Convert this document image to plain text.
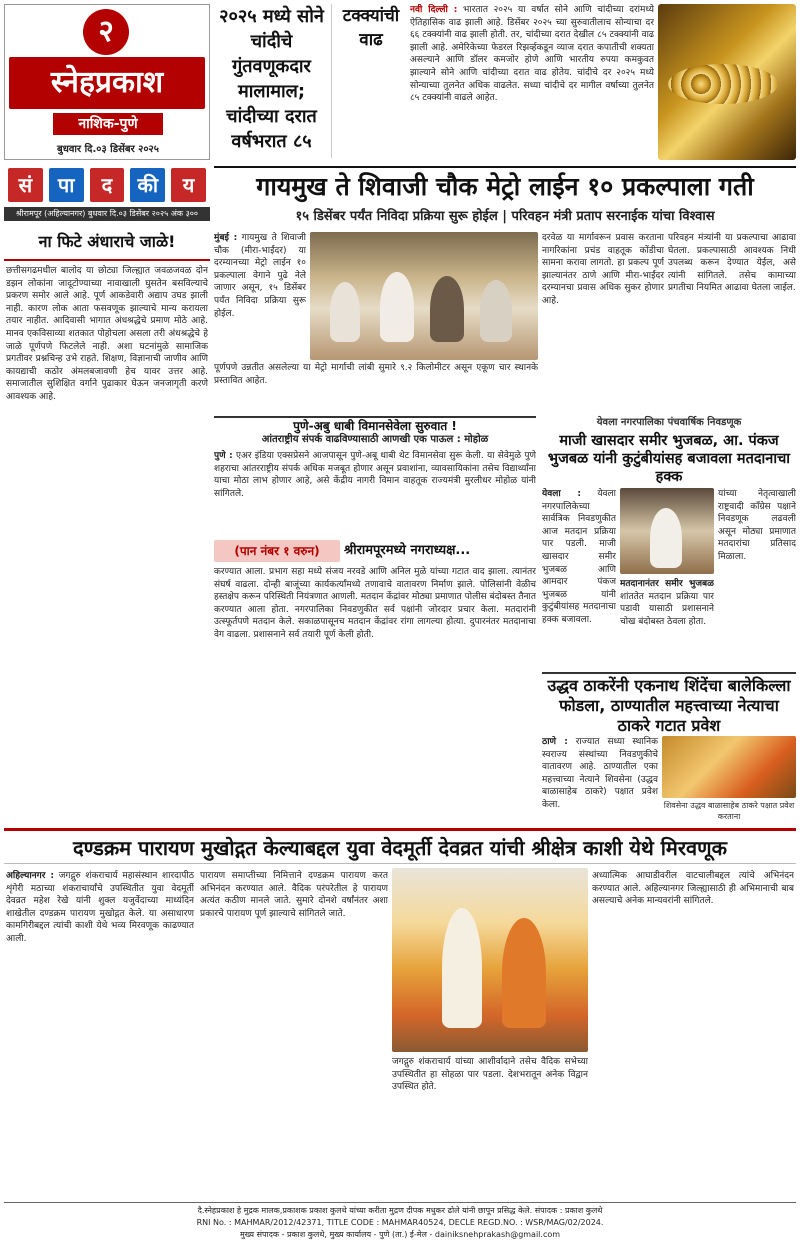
२
स्नेहप्रकाश
नाशिक-पुणे
बुधवार दि.०३ डिसेंबर २०२५
२०२५ मध्ये सोने चांदीचे गुंतवणूकदार मालामाल; चांदीच्या दरात वर्षभरात ८५
टक्क्यांची वाढ
नवी दिल्ली : भारतात २०२५ या वर्षात सोने आणि चांदीच्या दरांमध्ये ऐतिहासिक वाढ झाली आहे. डिसेंबर २०२५ च्या सुरुवातीलाच सोन्याचा दर ६६ टक्क्यांनी वाढ झाली होती. तर, चांदीच्या दरात देखील ८५ टक्क्यांनी वाढ झाली आहे. अमेरिकेच्या फेडरल रिझर्व्हकडून व्याज दरात कपातीची शक्यता असल्याने आणि डॉलर कमजोर होणे आणि भारतीय रुपया कमकुवत झाल्याने सोने आणि चांदीच्या दरात वाढ होतेय. चांदीचे दर २०२५ मध्ये सोन्याच्या तुलनेत अधिक वाढलेत. सध्या चांदीचे दर मागील वर्षाच्या तुलनेत ८५ टक्क्यांनी वाढले आहेत.
सं	पा	द	की	य
श्रीरामपूर (अहिल्यानगर) बुधवार दि.०३ डिसेंबर २०२५ अंक ३००
ना फिटे अंधाराचे जाळे!
छत्तीसगढमधील बालोद या छोट्या जिल्ह्यात जवळजवळ दोन डझन लोकांना जादूटोण्याच्या नावाखाली घुसतेन बसविल्याचे प्रकरण समोर आले आहे. पूर्ण आकडेवारी अद्याप उघड झाली नाही. कारण लोक आता फसवणूक झाल्याचे मान्य करायला तयार नाहीत. आदिवासी भागात अंधश्रद्धेचे प्रमाण मोठे आहे. मानव एकविसाव्या शतकात पोहोचला असला तरी अंधश्रद्धेचे हे जाळे पूर्णपणे फिटलेले नाही. अशा घटनांमुळे सामाजिक प्रगतीवर प्रश्नचिन्ह उभे राहते. शिक्षण, विज्ञानाची जाणीव आणि कायद्याची कठोर अंमलबजावणी हेच यावर उत्तर आहे. समाजातील सुशिक्षित वर्गाने पुढाकार घेऊन जनजागृती करणे आवश्यक आहे.
गायमुख ते शिवाजी चौक मेट्रो लाईन १० प्रकल्पाला गती
१५ डिसेंबर पर्यंत निविदा प्रक्रिया सुरू होईल | परिवहन मंत्री प्रताप सरनाईक यांचा विश्वास
मुंबई : गायमुख ते शिवाजी चौक (मीरा-भाईंदर) या दरम्यानच्या मेट्रो लाईन १० प्रकल्पाला वेगाने पुढे नेले जाणार असून, १५ डिसेंबर पर्यंत निविदा प्रक्रिया सुरू होईल.
पूर्णपणे उन्नतीत असलेल्या या मेट्रो मार्गाची लांबी सुमारे ९.२ किलोमीटर असून एकूण चार स्थानके प्रस्तावित आहेत.
दरवेळ या मार्गावरून प्रवास करताना नागरिकांना प्रचंड वाहतूक कोंडीचा सामना करावा लागतो. हा प्रकल्प पूर्ण झाल्यानंतर ठाणे आणि मीरा-भाईंदर दरम्यानचा प्रवास अधिक सुकर होणार आहे.
परिवहन मंत्र्यांनी या प्रकल्पाचा आढावा घेतला. प्रकल्पासाठी आवश्यक निधी उपलब्ध करून देण्यात येईल, असे त्यांनी सांगितले. तसेच कामाच्या प्रगतीचा नियमित आढावा घेतला जाईल.
पुणे-अबु धाबी विमानसेवेला सुरुवात !
आंतराष्ट्रीय संपर्क वाढविण्यासाठी आणखी एक पाऊल : मोहोळ
पुणे : एअर इंडिया एक्सप्रेसने आजपासून पुणे-अबू धाबी थेट विमानसेवा सुरू केली. या सेवेमुळे पुणे शहराचा आंतरराष्ट्रीय संपर्क अधिक मजबूत होणार असून प्रवाशांना, व्यावसायिकांना तसेच विद्यार्थ्यांना याचा मोठा लाभ होणार आहे, असे केंद्रीय नागरी विमान वाहतूक राज्यमंत्री मुरलीधर मोहोळ यांनी सांगितले.
(पान नंबर १ वरुन)	श्रीरामपूरमध्ये नगराध्यक्ष...
करण्यात आला. प्रभाग सहा मध्ये संजय नरवडे आणि अनिल मुळे यांच्या गटात वाद झाला. त्यानंतर संघर्ष वाढला. दोन्ही बाजूंच्या कार्यकर्त्यांमध्ये तणावाचे वातावरण निर्माण झाले. पोलिसांनी वेळीच हस्तक्षेप करून परिस्थिती नियंत्रणात आणली. मतदान केंद्रांवर मोठ्या प्रमाणात पोलीस बंदोबस्त तैनात करण्यात आला होता. नगरपालिका निवडणुकीत सर्व पक्षांनी जोरदार प्रचार केला. मतदारांनी उत्स्फूर्तपणे मतदान केले. सकाळपासूनच मतदान केंद्रांवर रांगा लागल्या होत्या. दुपारनंतर मतदानाचा वेग वाढला. प्रशासनाने सर्व तयारी पूर्ण केली होती.
येवला नगरपालिका पंचवार्षिक निवडणूक
माजी खासदार समीर भुजबळ, आ. पंकज भुजबळ यांनी कुटुंबीयांसह बजावला मतदानाचा हक्क
येवला : येवला नगरपालिकेच्या सार्वत्रिक निवडणुकीत आज मतदान प्रक्रिया पार पडली. माजी खासदार समीर भुजबळ आणि आमदार पंकज भुजबळ यांनी कुटुंबीयांसह मतदानाचा हक्क बजावला.
मतदानानंतर समीर भुजबळ शांततेत मतदान प्रक्रिया पार पडावी यासाठी प्रशासनाने चोख बंदोबस्त ठेवला होता.
यांच्या नेतृत्वाखाली राष्ट्रवादी काँग्रेस पक्षाने निवडणूक लढवली असून मोठ्या प्रमाणात मतदारांचा प्रतिसाद मिळाला.
उद्धव ठाकरेंनी एकनाथ शिंदेंचा बालेकिल्ला फोडला, ठाण्यातील महत्त्वाच्या नेत्याचा ठाकरे गटात प्रवेश
ठाणे : राज्यात सध्या स्थानिक स्वराज्य संस्थांच्या निवडणुकीचे वातावरण आहे. ठाण्यातील एका महत्त्वाच्या नेत्याने शिवसेना (उद्धव बाळासाहेब ठाकरे) पक्षात प्रवेश केला.	शिवसेना उद्धव बाळासाहेब ठाकरे पक्षात प्रवेश करताना
दण्डक्रम पारायण मुखोद्गत केल्याबद्दल युवा वेदमूर्ती देवव्रत यांची श्रीक्षेत्र काशी येथे मिरवणूक
अहिल्यानगर : जगद्गुरु शंकराचार्य महासंस्थान शारदापीठ शृंगेरी मठाच्या शंकराचार्यांचे उपस्थितीत युवा वेदमूर्ती देवव्रत महेश रेखे यांनी शुक्ल यजुर्वेदाच्या माध्यंदिन शाखेतील दण्डक्रम पारायण मुखोद्गत केले. या असाधारण कामगिरीबद्दल त्यांची काशी येथे भव्य मिरवणूक काढण्यात आली.
पारायण समाप्तीच्या निमित्ताने दण्डक्रम पारायण करत अभिनंदन करण्यात आले. वैदिक परंपरेतील हे पारायण अत्यंत कठीण मानले जाते. सुमारे दोनशे वर्षांनंतर अशा प्रकारचे पारायण पूर्ण झाल्याचे सांगितले जाते.
जगद्गुरु शंकराचार्य यांच्या आशीर्वादाने तसेच वैदिक सभेच्या उपस्थितीत हा सोहळा पार पडला. देशभरातून अनेक विद्वान उपस्थित होते.
अध्यात्मिक आघाडीवरील वाटचालीबद्दल त्यांचे अभिनंदन करण्यात आले. अहिल्यानगर जिल्ह्यासाठी ही अभिमानाची बाब असल्याचे अनेक मान्यवरांनी सांगितले.
दै.स्नेहप्रकाश हे मुद्रक मालक,प्रकाशक प्रकाश कुलथे यांच्या करीता मुद्रण दीपक मधुकर ढोले यांनी छापून प्रसिद्ध केले. संपादक : प्रकाश कुलथे
RNI No. : MAHMAR/2012/42371, TITLE CODE : MAHMAR40524, DECLE REGD.NO. : WSR/MAG/02/2024.
मुख्य संपादक - प्रकाश कुलथे, मुख्य कार्यालय - पुणे (ता.) ई-मेल - dainiksnehprakash@gmail.com
